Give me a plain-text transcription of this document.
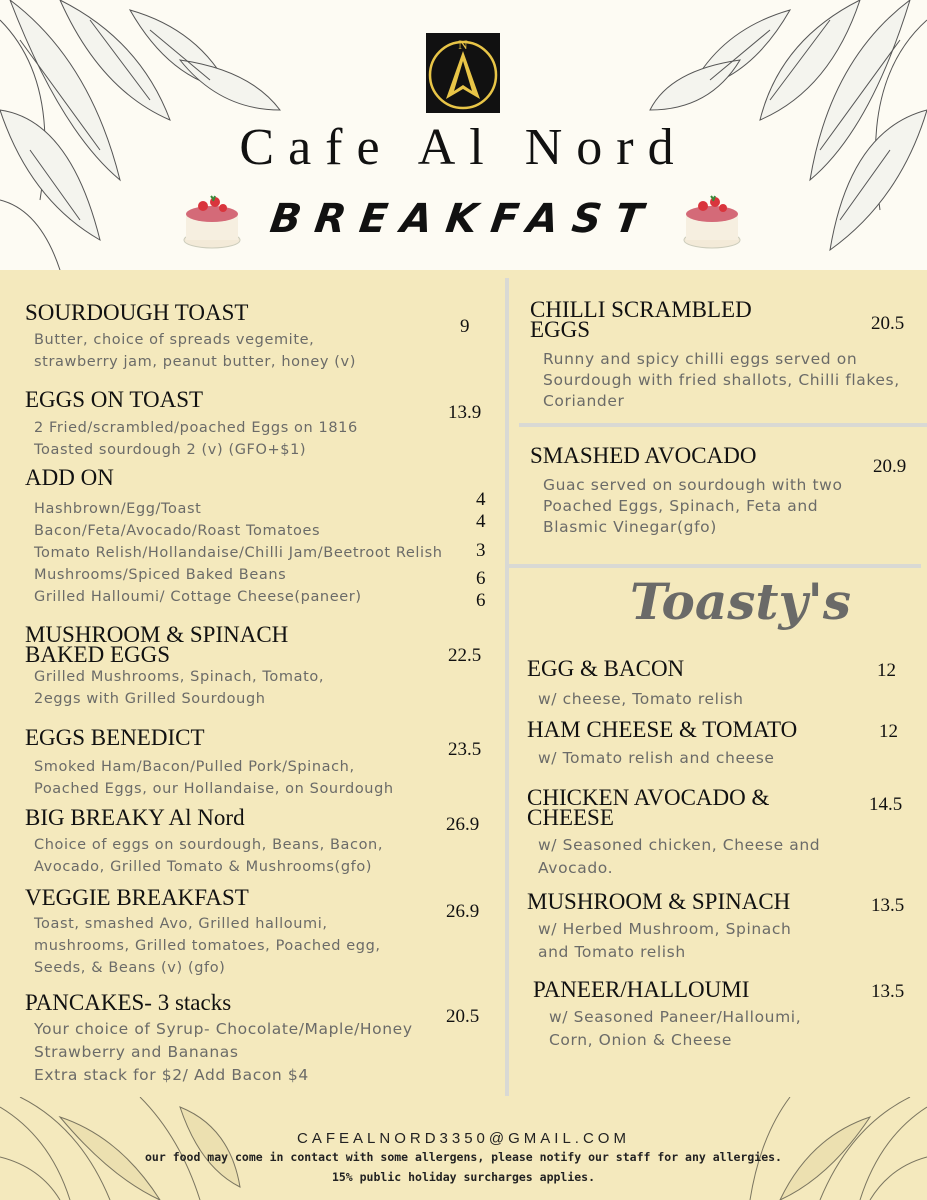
N
Cafe Al Nord
BREAKFAST
SOURDOUGH TOAST
Butter, choice of spreads vegemite,
strawberry jam, peanut butter, honey (v)
9
EGGS ON TOAST
2 Fried/scrambled/poached Eggs on 1816
Toasted sourdough 2 (v) (GFO+$1)
13.9
ADD ON
Hashbrown/Egg/Toast
Bacon/Feta/Avocado/Roast Tomatoes
Tomato Relish/Hollandaise/Chilli Jam/Beetroot Relish
Mushrooms/Spiced Baked Beans
Grilled Halloumi/ Cottage Cheese(paneer)
4
4
3
6
6
MUSHROOM & SPINACH
BAKED EGGS
Grilled Mushrooms, Spinach, Tomato,
2eggs with Grilled Sourdough
22.5
EGGS BENEDICT
Smoked Ham/Bacon/Pulled Pork/Spinach,
Poached Eggs, our Hollandaise, on Sourdough
23.5
BIG BREAKY Al Nord
Choice of eggs on sourdough, Beans, Bacon,
Avocado, Grilled Tomato & Mushrooms(gfo)
26.9
VEGGIE BREAKFAST
Toast, smashed Avo, Grilled halloumi,
mushrooms, Grilled tomatoes, Poached egg,
Seeds, & Beans (v) (gfo)
26.9
PANCAKES- 3 stacks
Your choice of Syrup- Chocolate/Maple/Honey
Strawberry and Bananas
Extra stack for $2/ Add Bacon $4
20.5
CHILLI SCRAMBLED
EGGS
Runny and spicy chilli eggs served on
Sourdough with fried shallots, Chilli flakes,
Coriander
20.5
SMASHED AVOCADO
Guac served on sourdough with two
Poached Eggs, Spinach, Feta and
Blasmic Vinegar(gfo)
20.9
Toasty's
EGG & BACON
w/ cheese, Tomato relish
12
HAM CHEESE & TOMATO
w/ Tomato relish and cheese
12
CHICKEN AVOCADO &
CHEESE
w/ Seasoned chicken, Cheese and
Avocado.
14.5
MUSHROOM & SPINACH
w/ Herbed Mushroom, Spinach
and Tomato relish
13.5
PANEER/HALLOUMI
w/ Seasoned Paneer/Halloumi,
Corn, Onion & Cheese
13.5
CAFEALNORD3350@GMAIL.COM
our food may come in contact with some allergens, please notify our staff for any allergies.
15% public holiday surcharges applies.
